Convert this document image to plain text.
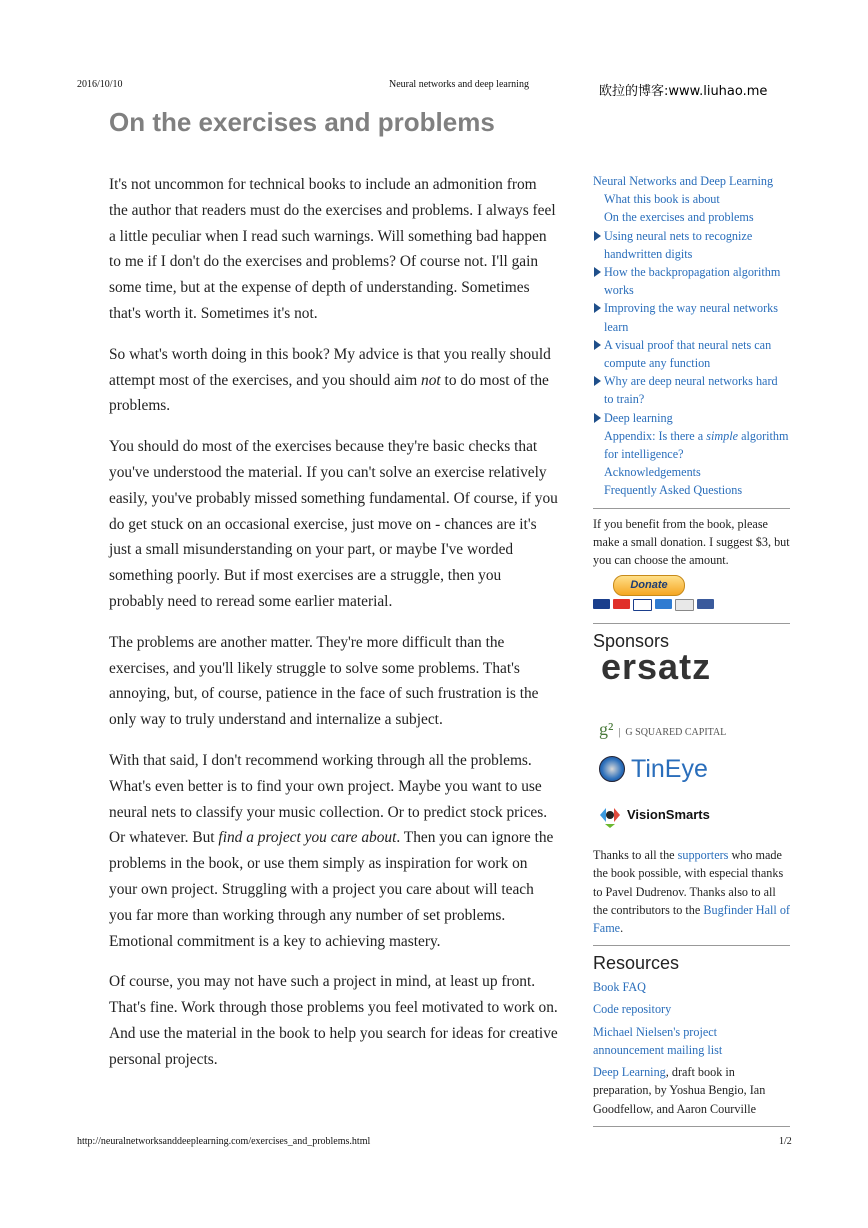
2016/10/10	Neural networks and deep learning	欧拉的博客:www.liuhao.me
On the exercises and problems

It's not uncommon for technical books to include an admonition from the author that readers must do the exercises and problems. I always feel a little peculiar when I read such warnings. Will something bad happen to me if I don't do the exercises and problems? Of course not. I'll gain some time, but at the expense of depth of understanding. Sometimes that's worth it. Sometimes it's not.

So what's worth doing in this book? My advice is that you really should attempt most of the exercises, and you should aim not to do most of the problems.

You should do most of the exercises because they're basic checks that you've understood the material. If you can't solve an exercise relatively easily, you've probably missed something fundamental. Of course, if you do get stuck on an occasional exercise, just move on - chances are it's just a small misunderstanding on your part, or maybe I've worded something poorly. But if most exercises are a struggle, then you probably need to reread some earlier material.

The problems are another matter. They're more difficult than the exercises, and you'll likely struggle to solve some problems. That's annoying, but, of course, patience in the face of such frustration is the only way to truly understand and internalize a subject.

With that said, I don't recommend working through all the problems. What's even better is to find your own project. Maybe you want to use neural nets to classify your music collection. Or to predict stock prices. Or whatever. But find a project you care about. Then you can ignore the problems in the book, or use them simply as inspiration for work on your own project. Struggling with a project you care about will teach you far more than working through any number of set problems. Emotional commitment is a key to achieving mastery.

Of course, you may not have such a project in mind, at least up front. That's fine. Work through those problems you feel motivated to work on. And use the material in the book to help you search for ideas for creative personal projects.

Neural Networks and Deep Learning
What this book is about
On the exercises and problems
Using neural nets to recognize handwritten digits
How the backpropagation algorithm works
Improving the way neural networks learn
A visual proof that neural nets can compute any function
Why are deep neural networks hard to train?
Deep learning
Appendix: Is there a simple algorithm for intelligence?
Acknowledgements
Frequently Asked Questions
If you benefit from the book, please make a small donation. I suggest $3, but you can choose the amount.
Donate
Sponsors
ersatz
g²  |  G SQUARED CAPITAL
TinEye
VisionSmarts
Thanks to all the supporters who made the book possible, with especial thanks to Pavel Dudrenov. Thanks also to all the contributors to the Bugfinder Hall of Fame.
Resources

Book FAQ

Code repository

Michael Nielsen's project announcement mailing list

Deep Learning, draft book in preparation, by Yoshua Bengio, Ian Goodfellow, and Aaron Courville

http://neuralnetworksanddeeplearning.com/exercises_and_problems.html	1/2
